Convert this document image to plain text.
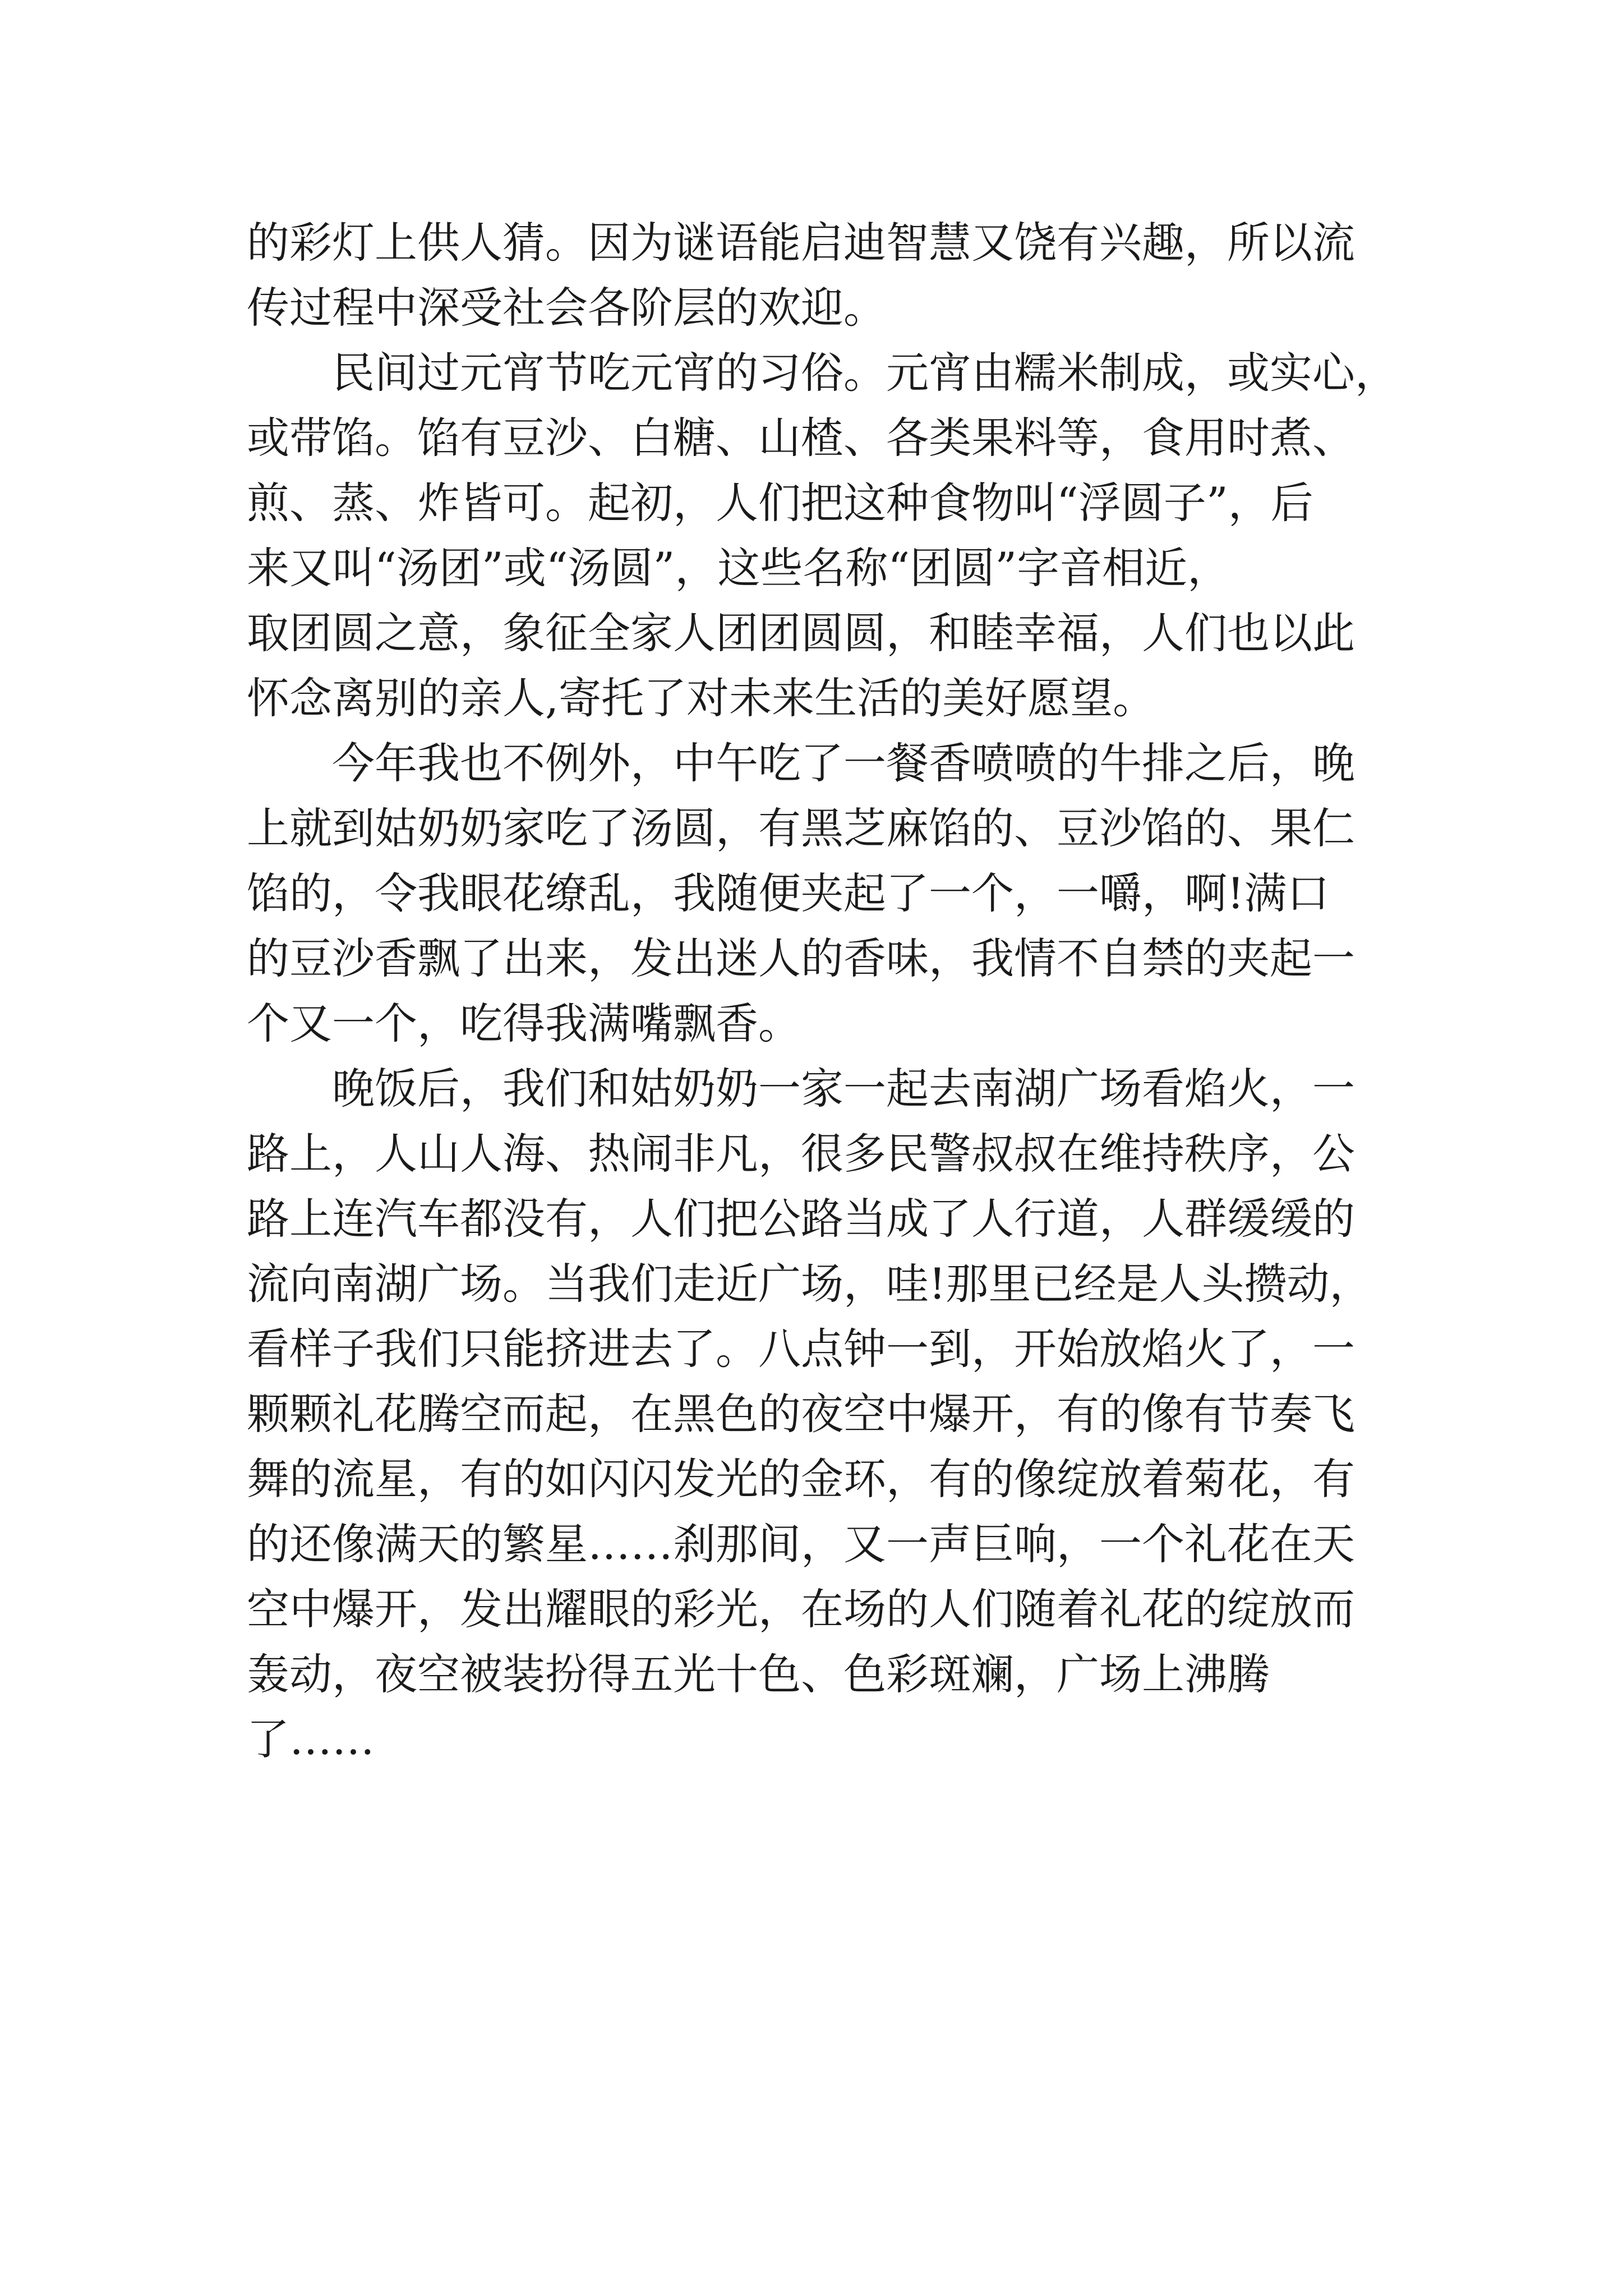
的彩灯上供人猜。因为谜语能启迪智慧又饶有兴趣，所以流
传过程中深受社会各阶层的欢迎。
民间过元宵节吃元宵的习俗。元宵由糯米制成，或实心，
或带馅。馅有豆沙、白糖、山楂、各类果料等，食用时煮、
煎、蒸、炸皆可。起初，人们把这种食物叫“浮圆子”，后
来又叫“汤团”或“汤圆”，这些名称“团圆”字音相近，
取团圆之意，象征全家人团团圆圆，和睦幸福，人们也以此
怀念离别的亲人,寄托了对未来生活的美好愿望。
今年我也不例外，中午吃了一餐香喷喷的牛排之后，晚
上就到姑奶奶家吃了汤圆，有黑芝麻馅的、豆沙馅的、果仁
馅的，令我眼花缭乱，我随便夹起了一个，一嚼，啊!满口
的豆沙香飘了出来，发出迷人的香味，我情不自禁的夹起一
个又一个，吃得我满嘴飘香。
晚饭后，我们和姑奶奶一家一起去南湖广场看焰火，一
路上，人山人海、热闹非凡，很多民警叔叔在维持秩序，公
路上连汽车都没有，人们把公路当成了人行道，人群缓缓的
流向南湖广场。当我们走近广场，哇!那里已经是人头攒动，
看样子我们只能挤进去了。八点钟一到，开始放焰火了，一
颗颗礼花腾空而起，在黑色的夜空中爆开，有的像有节奏飞
舞的流星，有的如闪闪发光的金环，有的像绽放着菊花，有
的还像满天的繁星……刹那间，又一声巨响，一个礼花在天
空中爆开，发出耀眼的彩光，在场的人们随着礼花的绽放而
轰动，夜空被装扮得五光十色、色彩斑斓，广场上沸腾
了……
